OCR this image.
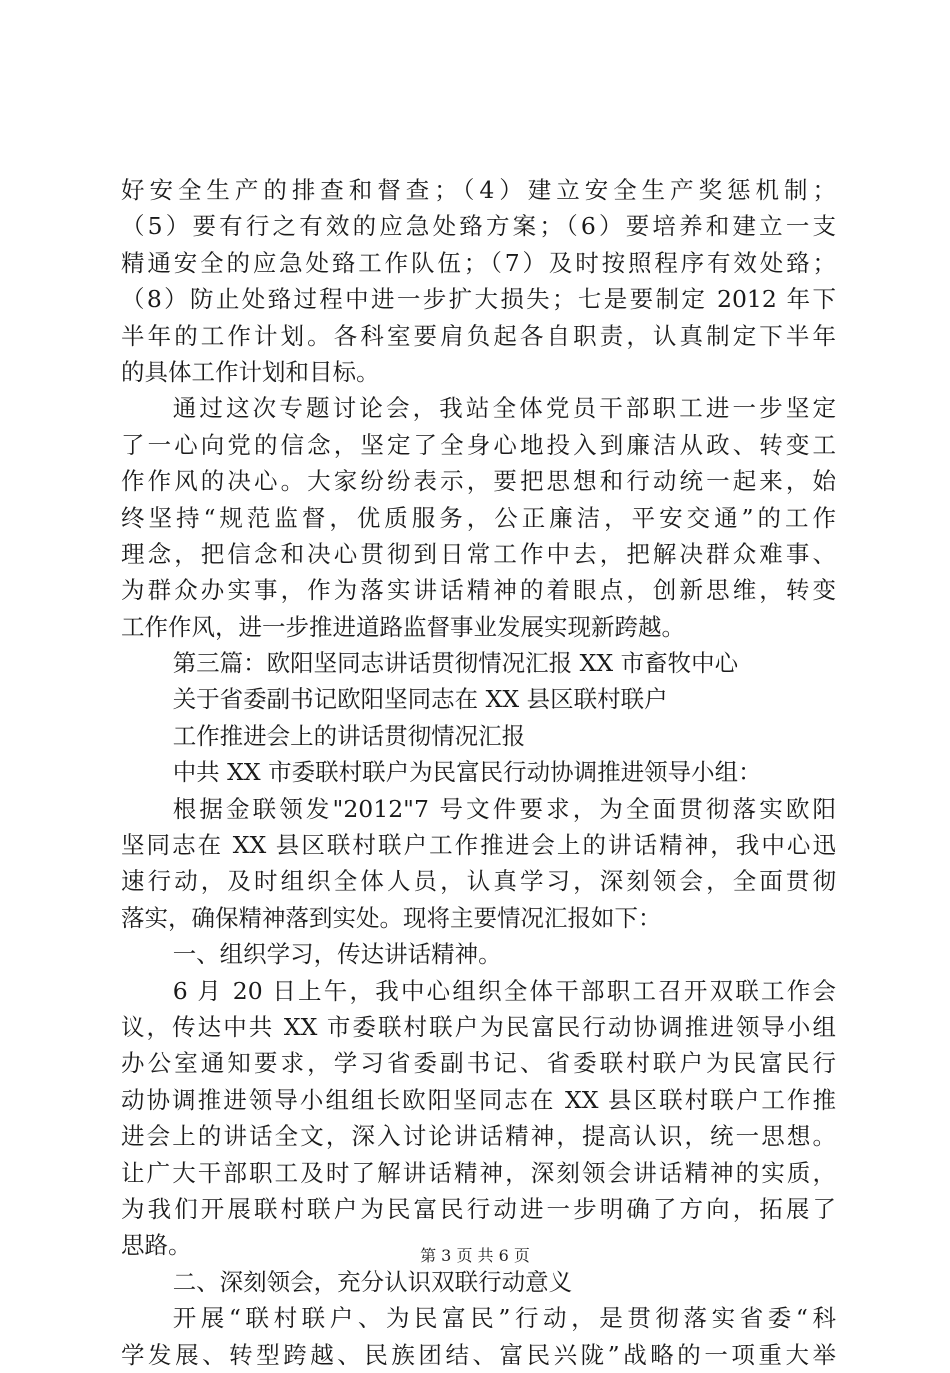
好安全生产的排查和督查；（4）建立安全生产奖惩机制；
（5）要有行之有效的应急处臵方案；（6）要培养和建立一支
精通安全的应急处臵工作队伍；（7）及时按照程序有效处臵；
（8）防止处臵过程中进一步扩大损失；七是要制定 2012 年下
半年的工作计划。各科室要肩负起各自职责，认真制定下半年
的具体工作计划和目标。
通过这次专题讨论会，我站全体党员干部职工进一步坚定
了一心向党的信念，坚定了全身心地投入到廉洁从政、转变工
作作风的决心。大家纷纷表示，要把思想和行动统一起来，始
终坚持“规范监督，优质服务，公正廉洁，平安交通”的工作
理念，把信念和决心贯彻到日常工作中去，把解决群众难事、
为群众办实事，作为落实讲话精神的着眼点，创新思维，转变
工作作风，进一步推进道路监督事业发展实现新跨越。
第三篇：欧阳坚同志讲话贯彻情况汇报 XX 市畜牧中心
关于省委副书记欧阳坚同志在 XX 县区联村联户
工作推进会上的讲话贯彻情况汇报
中共 XX 市委联村联户为民富民行动协调推进领导小组：
根据金联领发"2012"7 号文件要求，为全面贯彻落实欧阳
坚同志在 XX 县区联村联户工作推进会上的讲话精神，我中心迅
速行动，及时组织全体人员，认真学习，深刻领会，全面贯彻
落实，确保精神落到实处。现将主要情况汇报如下：
一、组织学习，传达讲话精神。
6 月 20 日上午，我中心组织全体干部职工召开双联工作会
议，传达中共 XX 市委联村联户为民富民行动协调推进领导小组
办公室通知要求，学习省委副书记、省委联村联户为民富民行
动协调推进领导小组组长欧阳坚同志在 XX 县区联村联户工作推
进会上的讲话全文，深入讨论讲话精神，提高认识，统一思想。
让广大干部职工及时了解讲话精神，深刻领会讲话精神的实质，
为我们开展联村联户为民富民行动进一步明确了方向，拓展了
思路。
二、深刻领会，充分认识双联行动意义
开展“联村联户、为民富民”行动，是贯彻落实省委“科
学发展、转型跨越、民族团结、富民兴陇”战略的一项重大举
第 3 页 共 6 页
